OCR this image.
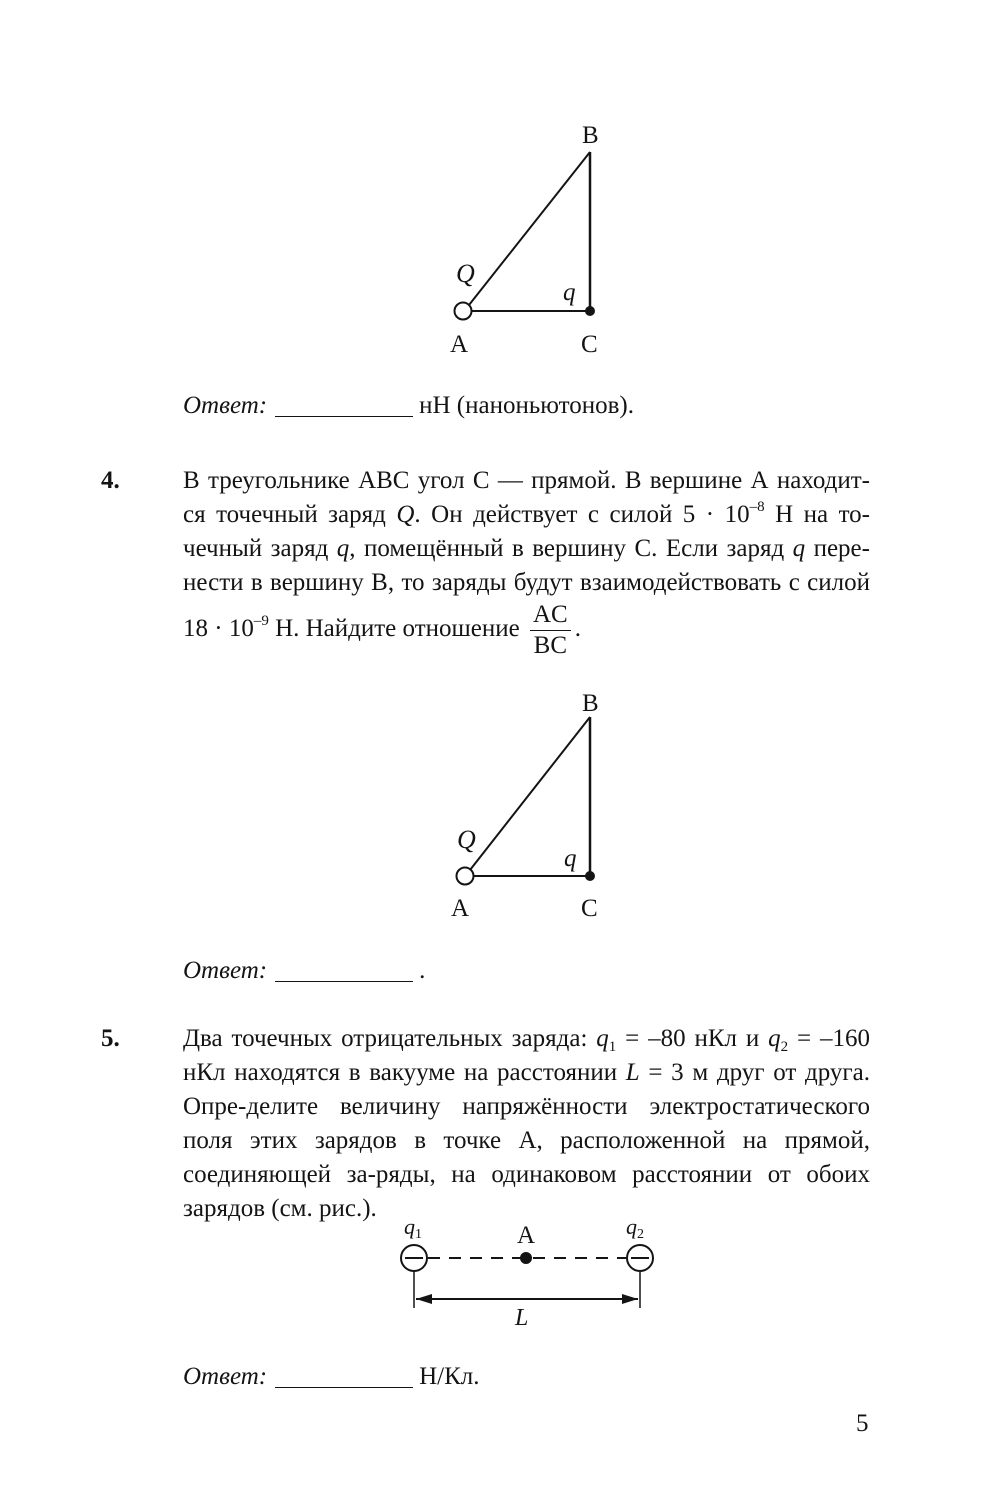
B
A	C
Q
q
Ответ:	нН (наноньютонов).
4.	В треугольнике АВС угол С — прямой. В вершине А находит-ся точечный заряд Q. Он действует с силой $5 \cdot 10^{-8}$ Н на то-чечный заряд q, помещённый в вершину С. Если заряд q пере-нести в вершину В, то заряды будут взаимодействовать с силой $18 \cdot 10^{-9}$ Н. Найдите отношение $\frac{AC}{BC}$ .
B
A	C
Q
q
Ответ:	.
5.	Два точечных отрицательных заряда: $q_1 = -80$ нКл и $q_2 = -160$ нКл находятся в вакууме на расстоянии L = 3 м друг от друга. Опре-делите величину напряжённости электростатического поля этих зарядов в точке А, расположенной на прямой, соединяющей за-ряды, на одинаковом расстоянии от обоих зарядов (см. рис.).
q1	q2
A
L
Ответ:	Н/Кл.
5
